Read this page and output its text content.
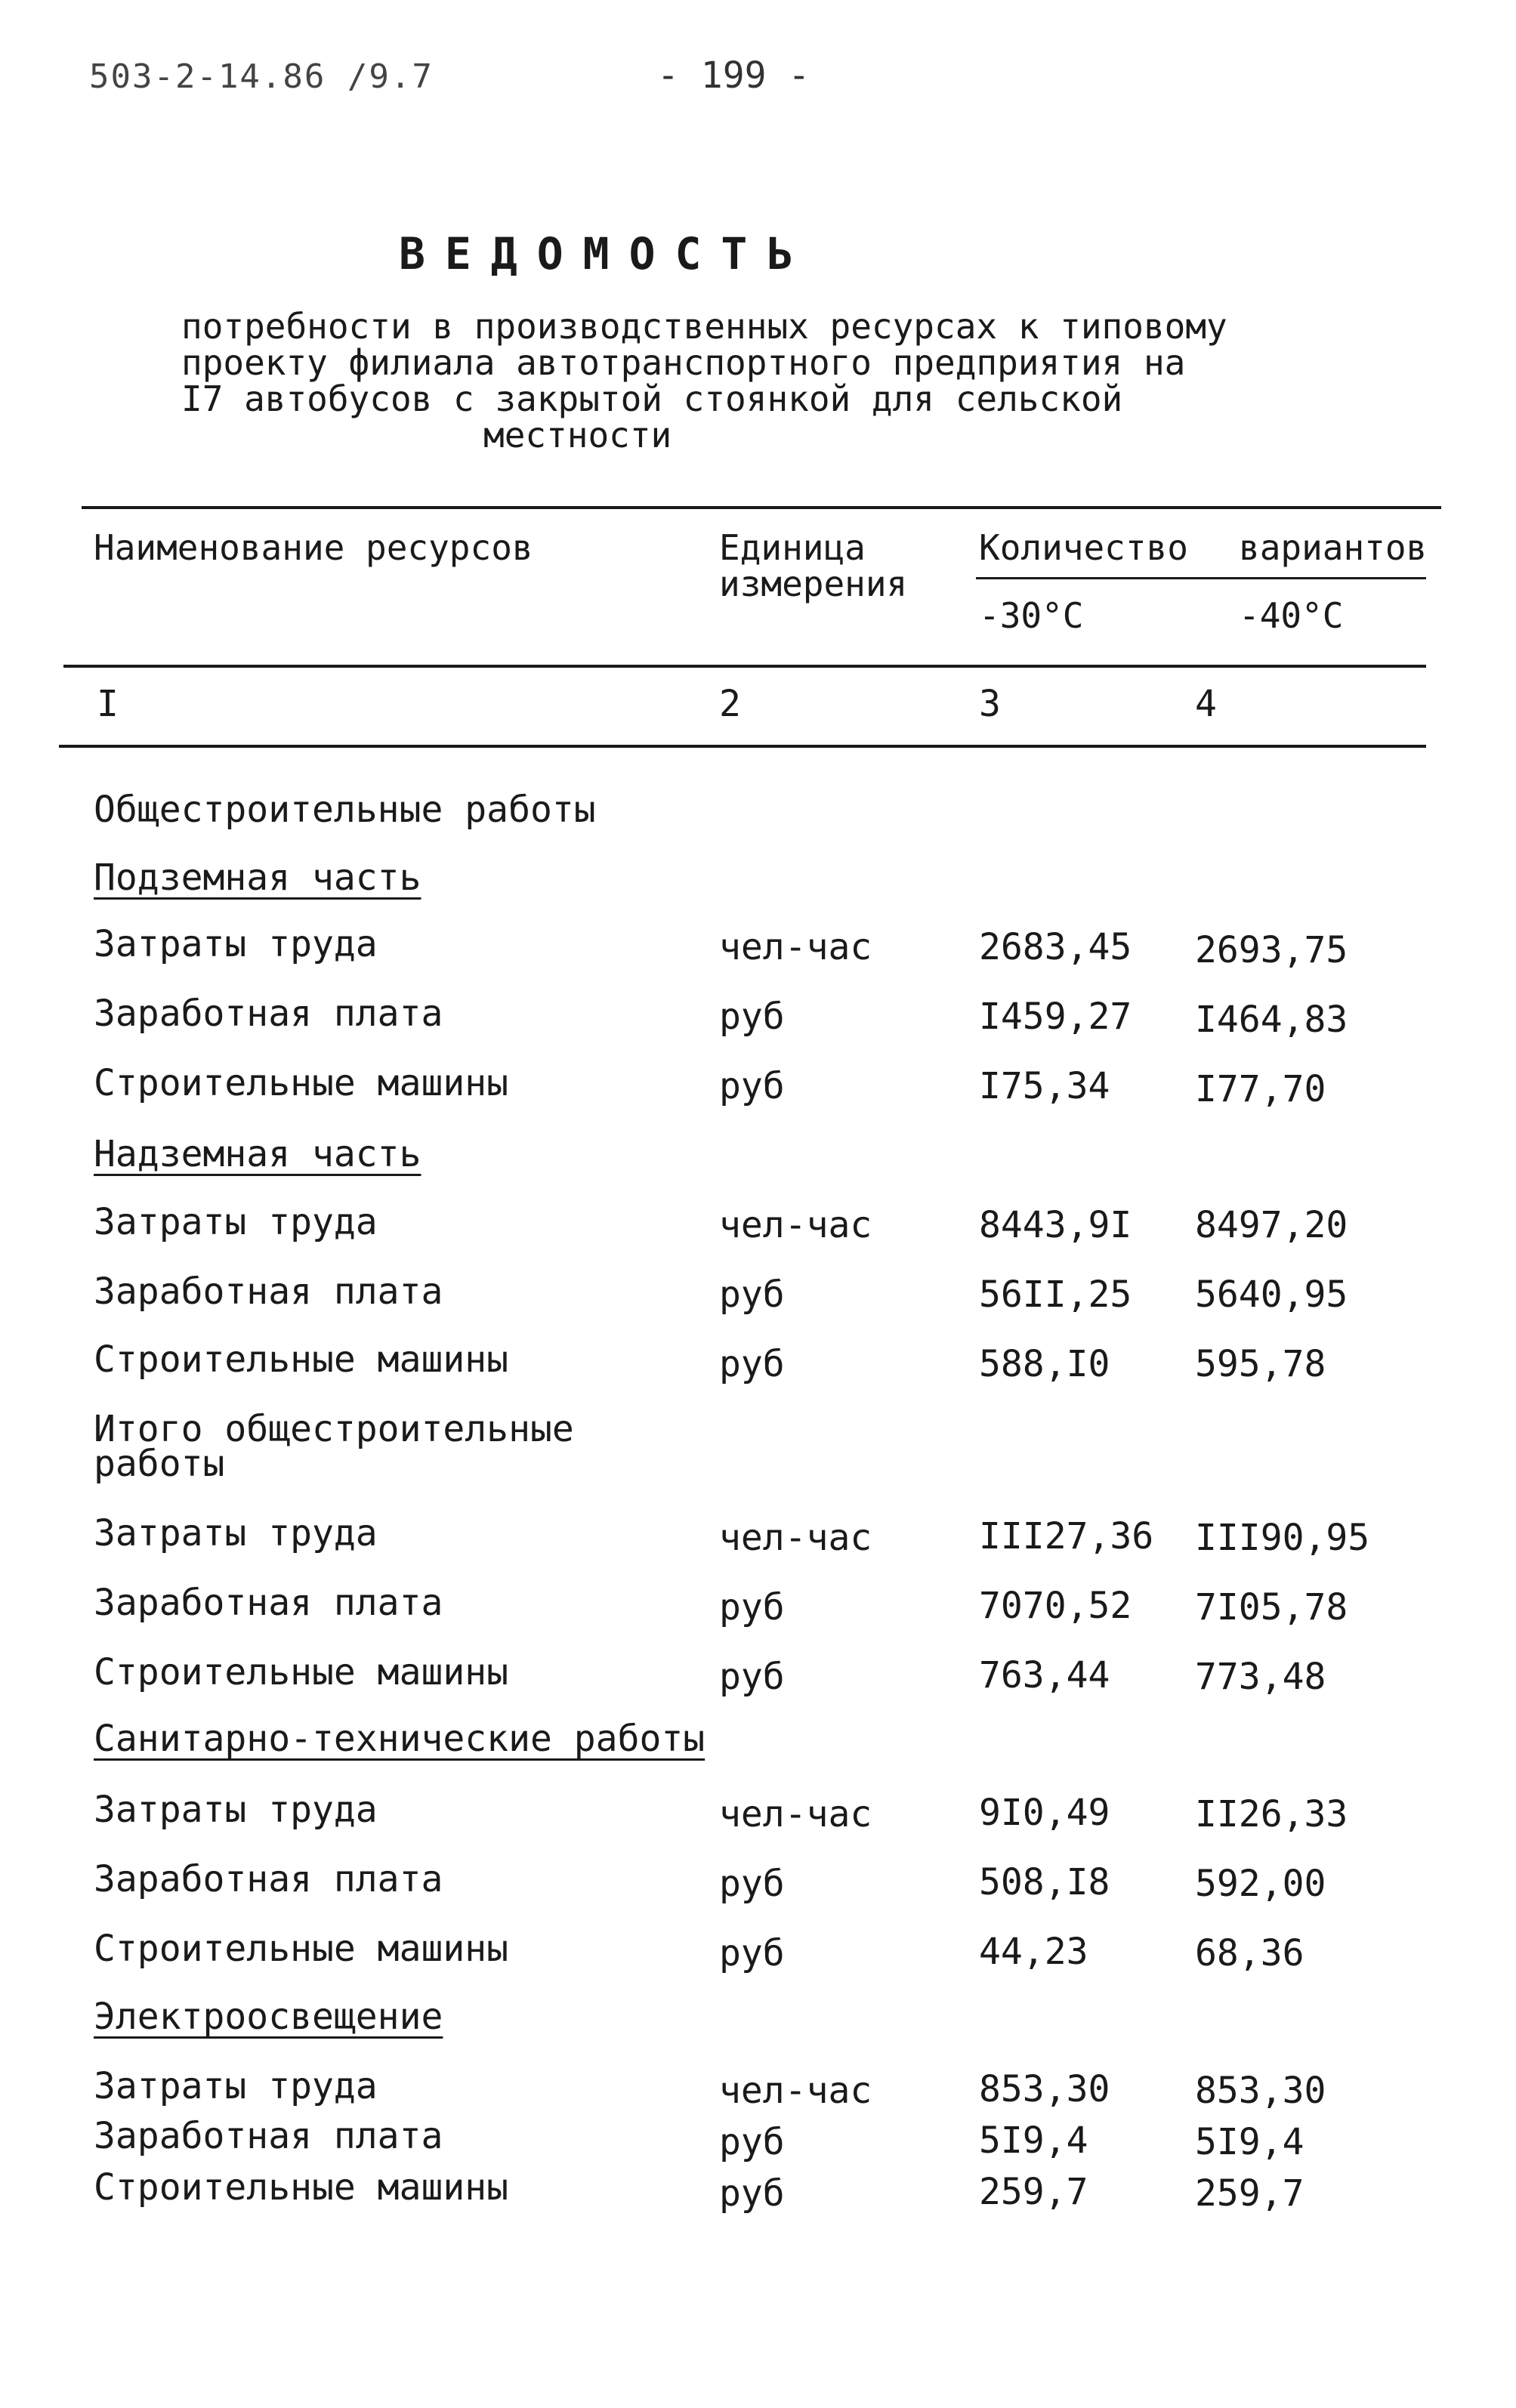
503-2-14.86 /9.7	- 199 -
ВЕДОМОСТЬ
потребности в производственных ресурсах к типовому
проекту филиала автотранспортного предприятия на
I7 автобусов с закрытой стоянкой для сельской
местности
Наименование ресурсов	Единица
измерения
Количество вариантов
-30°C	-40°C
I	2	3	4
Общестроительные работы
Подземная часть
Затраты труда	чел-час	2683,45 2693,75
Заработная плата	руб	I459,27 I464,83
Строительные машины	руб	I75,34 I77,70
Надземная часть
Затраты труда	чел-час	8443,9I 8497,20
Заработная плата	руб	56II,25 5640,95
Строительные машины	руб	588,I0 595,78
Итого общестроительные
работы
Затраты труда	чел-час	III27,36 III90,95
Заработная плата	руб	7070,52 7I05,78
Строительные машины	руб	763,44 773,48
Санитарно-технические работы
Затраты труда	чел-час	9I0,49 II26,33
Заработная плата	руб	508,I8 592,00
Строительные машины	руб	44,23	68,36
Электроосвещение
Затраты труда	чел-час	853,30 853,30
Заработная плата	руб	5I9,4	5I9,4
Строительные машины	руб	259,7	259,7
